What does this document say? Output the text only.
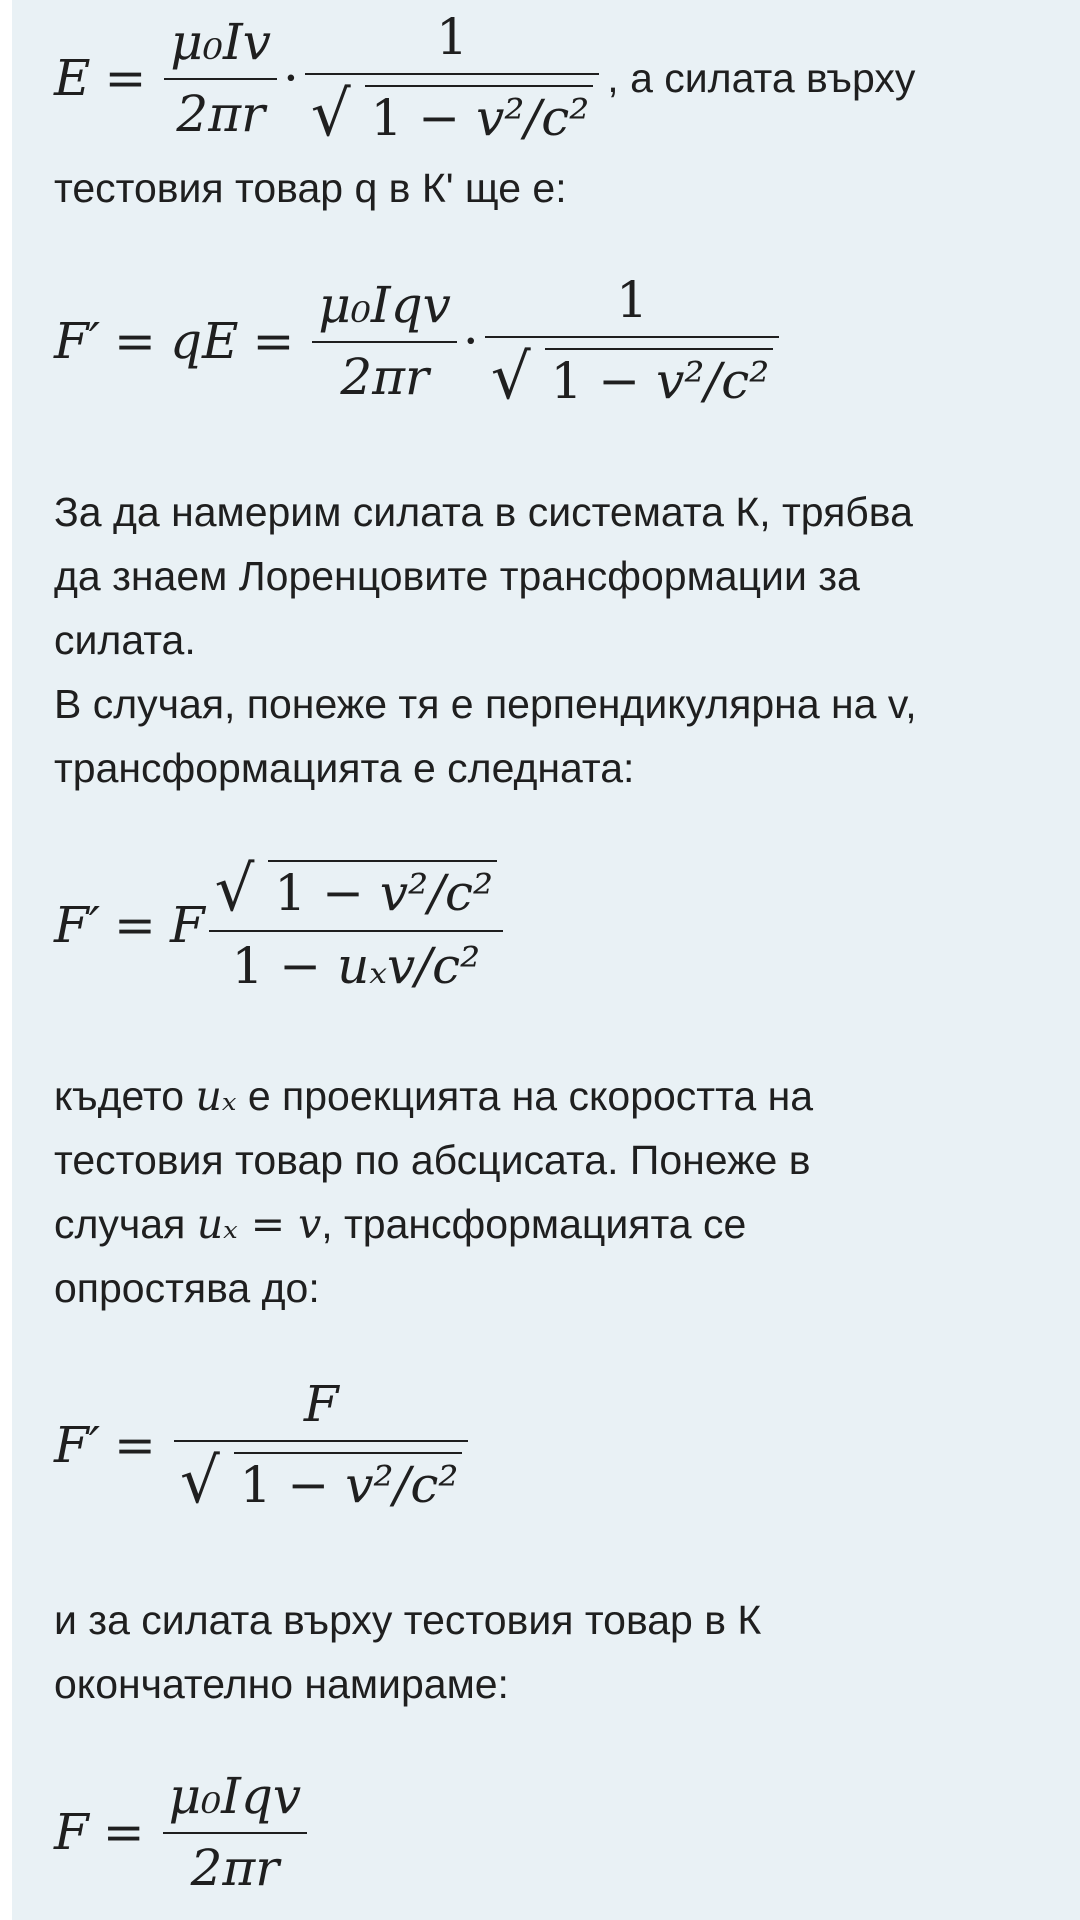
$E = \frac{\text{μ₀Iv}}{2\pi r} \cdot \frac{1}{\text{√ 1 − v²/c²}}$ , а силата върху
тестовия товар q в К' ще е:
F′ = qE = $\frac{\text{μ₀Iqv}}{2\pi r} \cdot \frac{1}{\text{√ 1 − v²/c²}}$
За да намерим силата в системата К, трябва
да знаем Лоренцовите трансформации за
силата.
В случая, понеже тя е перпендикулярна на v,
трансформацията е следната:
F′ = F $\frac{\text{√ 1 − v²/c²}}{\text{1 − uₓv/c²}}$
където uₓ е проекцията на скоростта на
тестовия товар по абсцисата. Понеже в
случая uₓ = v, трансформацията се
опростява до:
$F' = \frac{F}{\text{√ 1 − v²/c²}}$
и за силата върху тестовия товар в К
окончателно намираме:
$F = \frac{\text{μ₀Iqv}}{2\pi r}$
